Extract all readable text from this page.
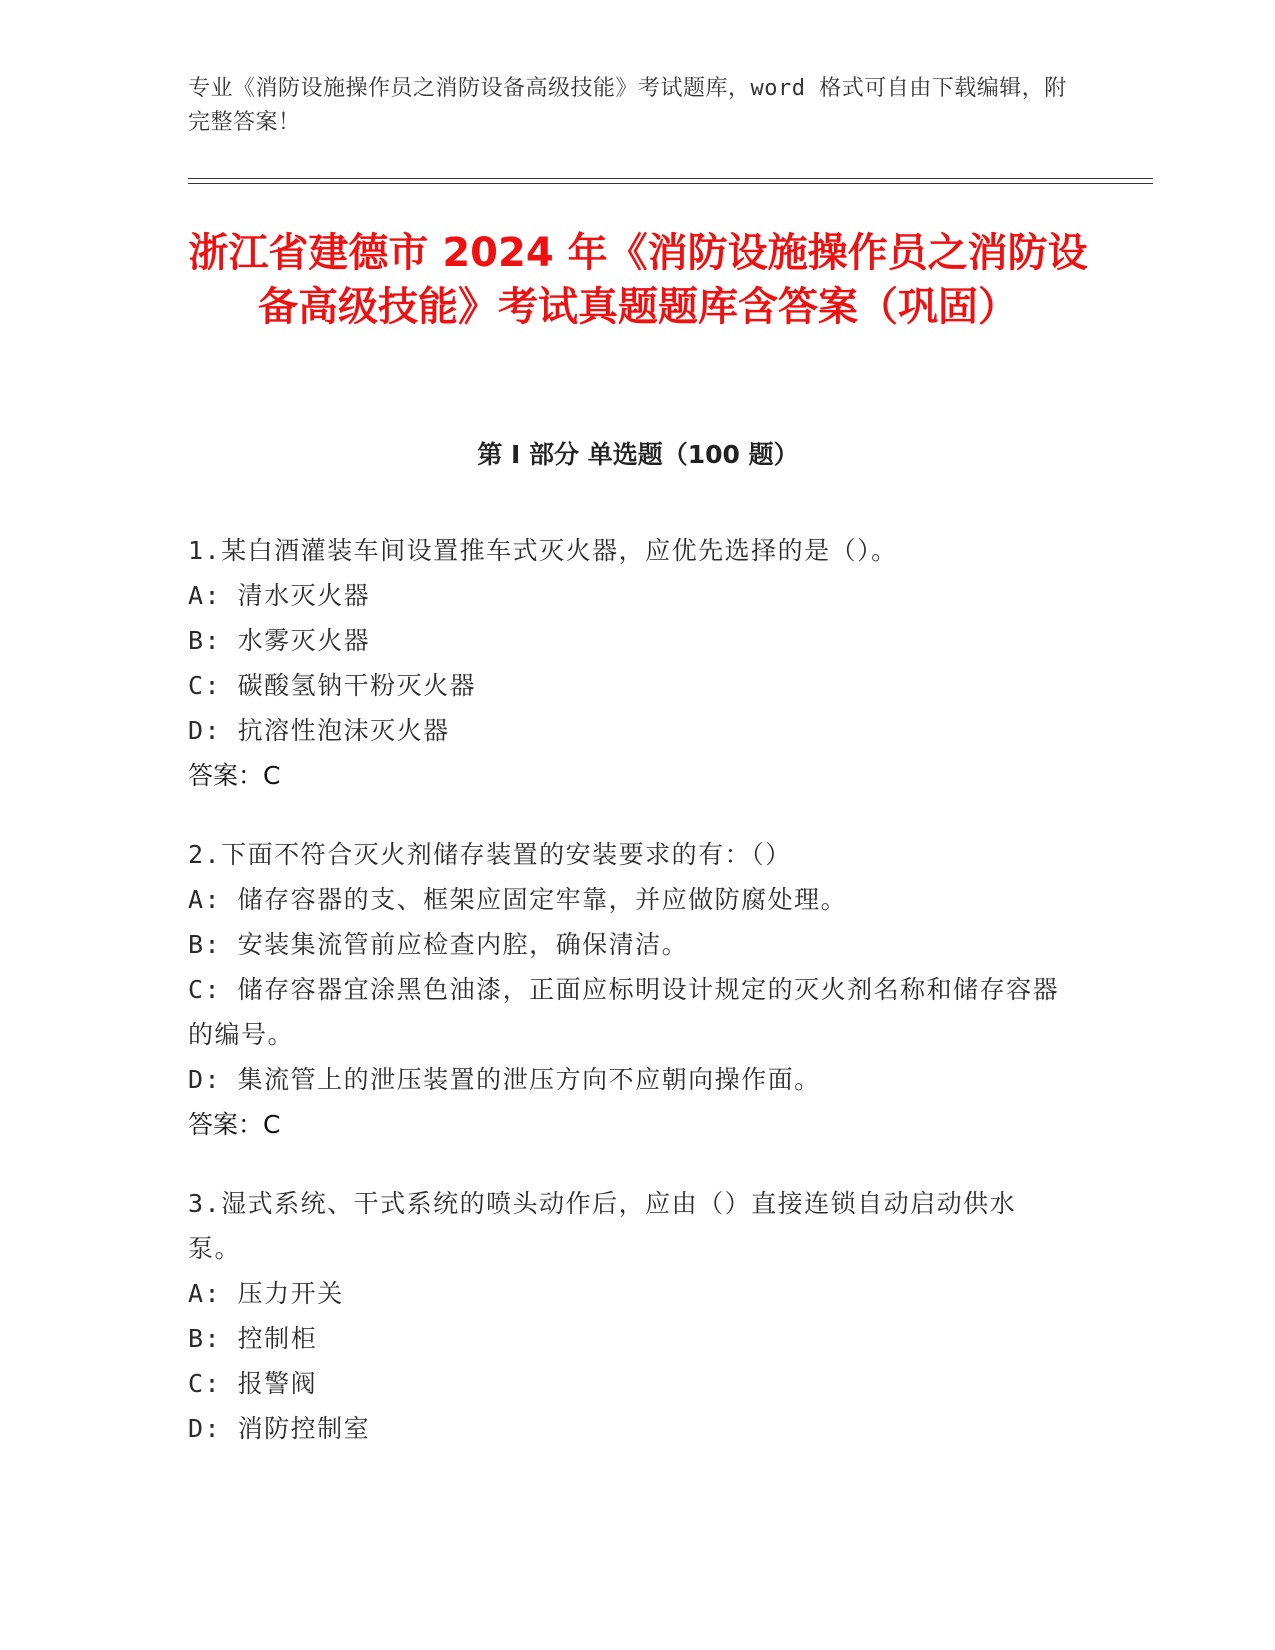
专业《消防设施操作员之消防设备高级技能》考试题库，word 格式可自由下载编辑，附完整答案！
浙江省建德市 2024 年《消防设施操作员之消防设备高级技能》考试真题题库含答案（巩固）
第 I 部分 单选题（100 题）

1.某白酒灌装车间设置推车式灭火器，应优先选择的是（）。

A: 清水灭火器

B: 水雾灭火器

C: 碳酸氢钠干粉灭火器

D: 抗溶性泡沫灭火器

答案：C

2.下面不符合灭火剂储存装置的安装要求的有：（）

A: 储存容器的支、框架应固定牢靠，并应做防腐处理。

B: 安装集流管前应检查内腔，确保清洁。

C: 储存容器宜涂黑色油漆，正面应标明设计规定的灭火剂名称和储存容器的编号。

D: 集流管上的泄压装置的泄压方向不应朝向操作面。

答案：C

3.湿式系统、干式系统的喷头动作后，应由（）直接连锁自动启动供水泵。

A: 压力开关

B: 控制柜

C: 报警阀

D: 消防控制室
